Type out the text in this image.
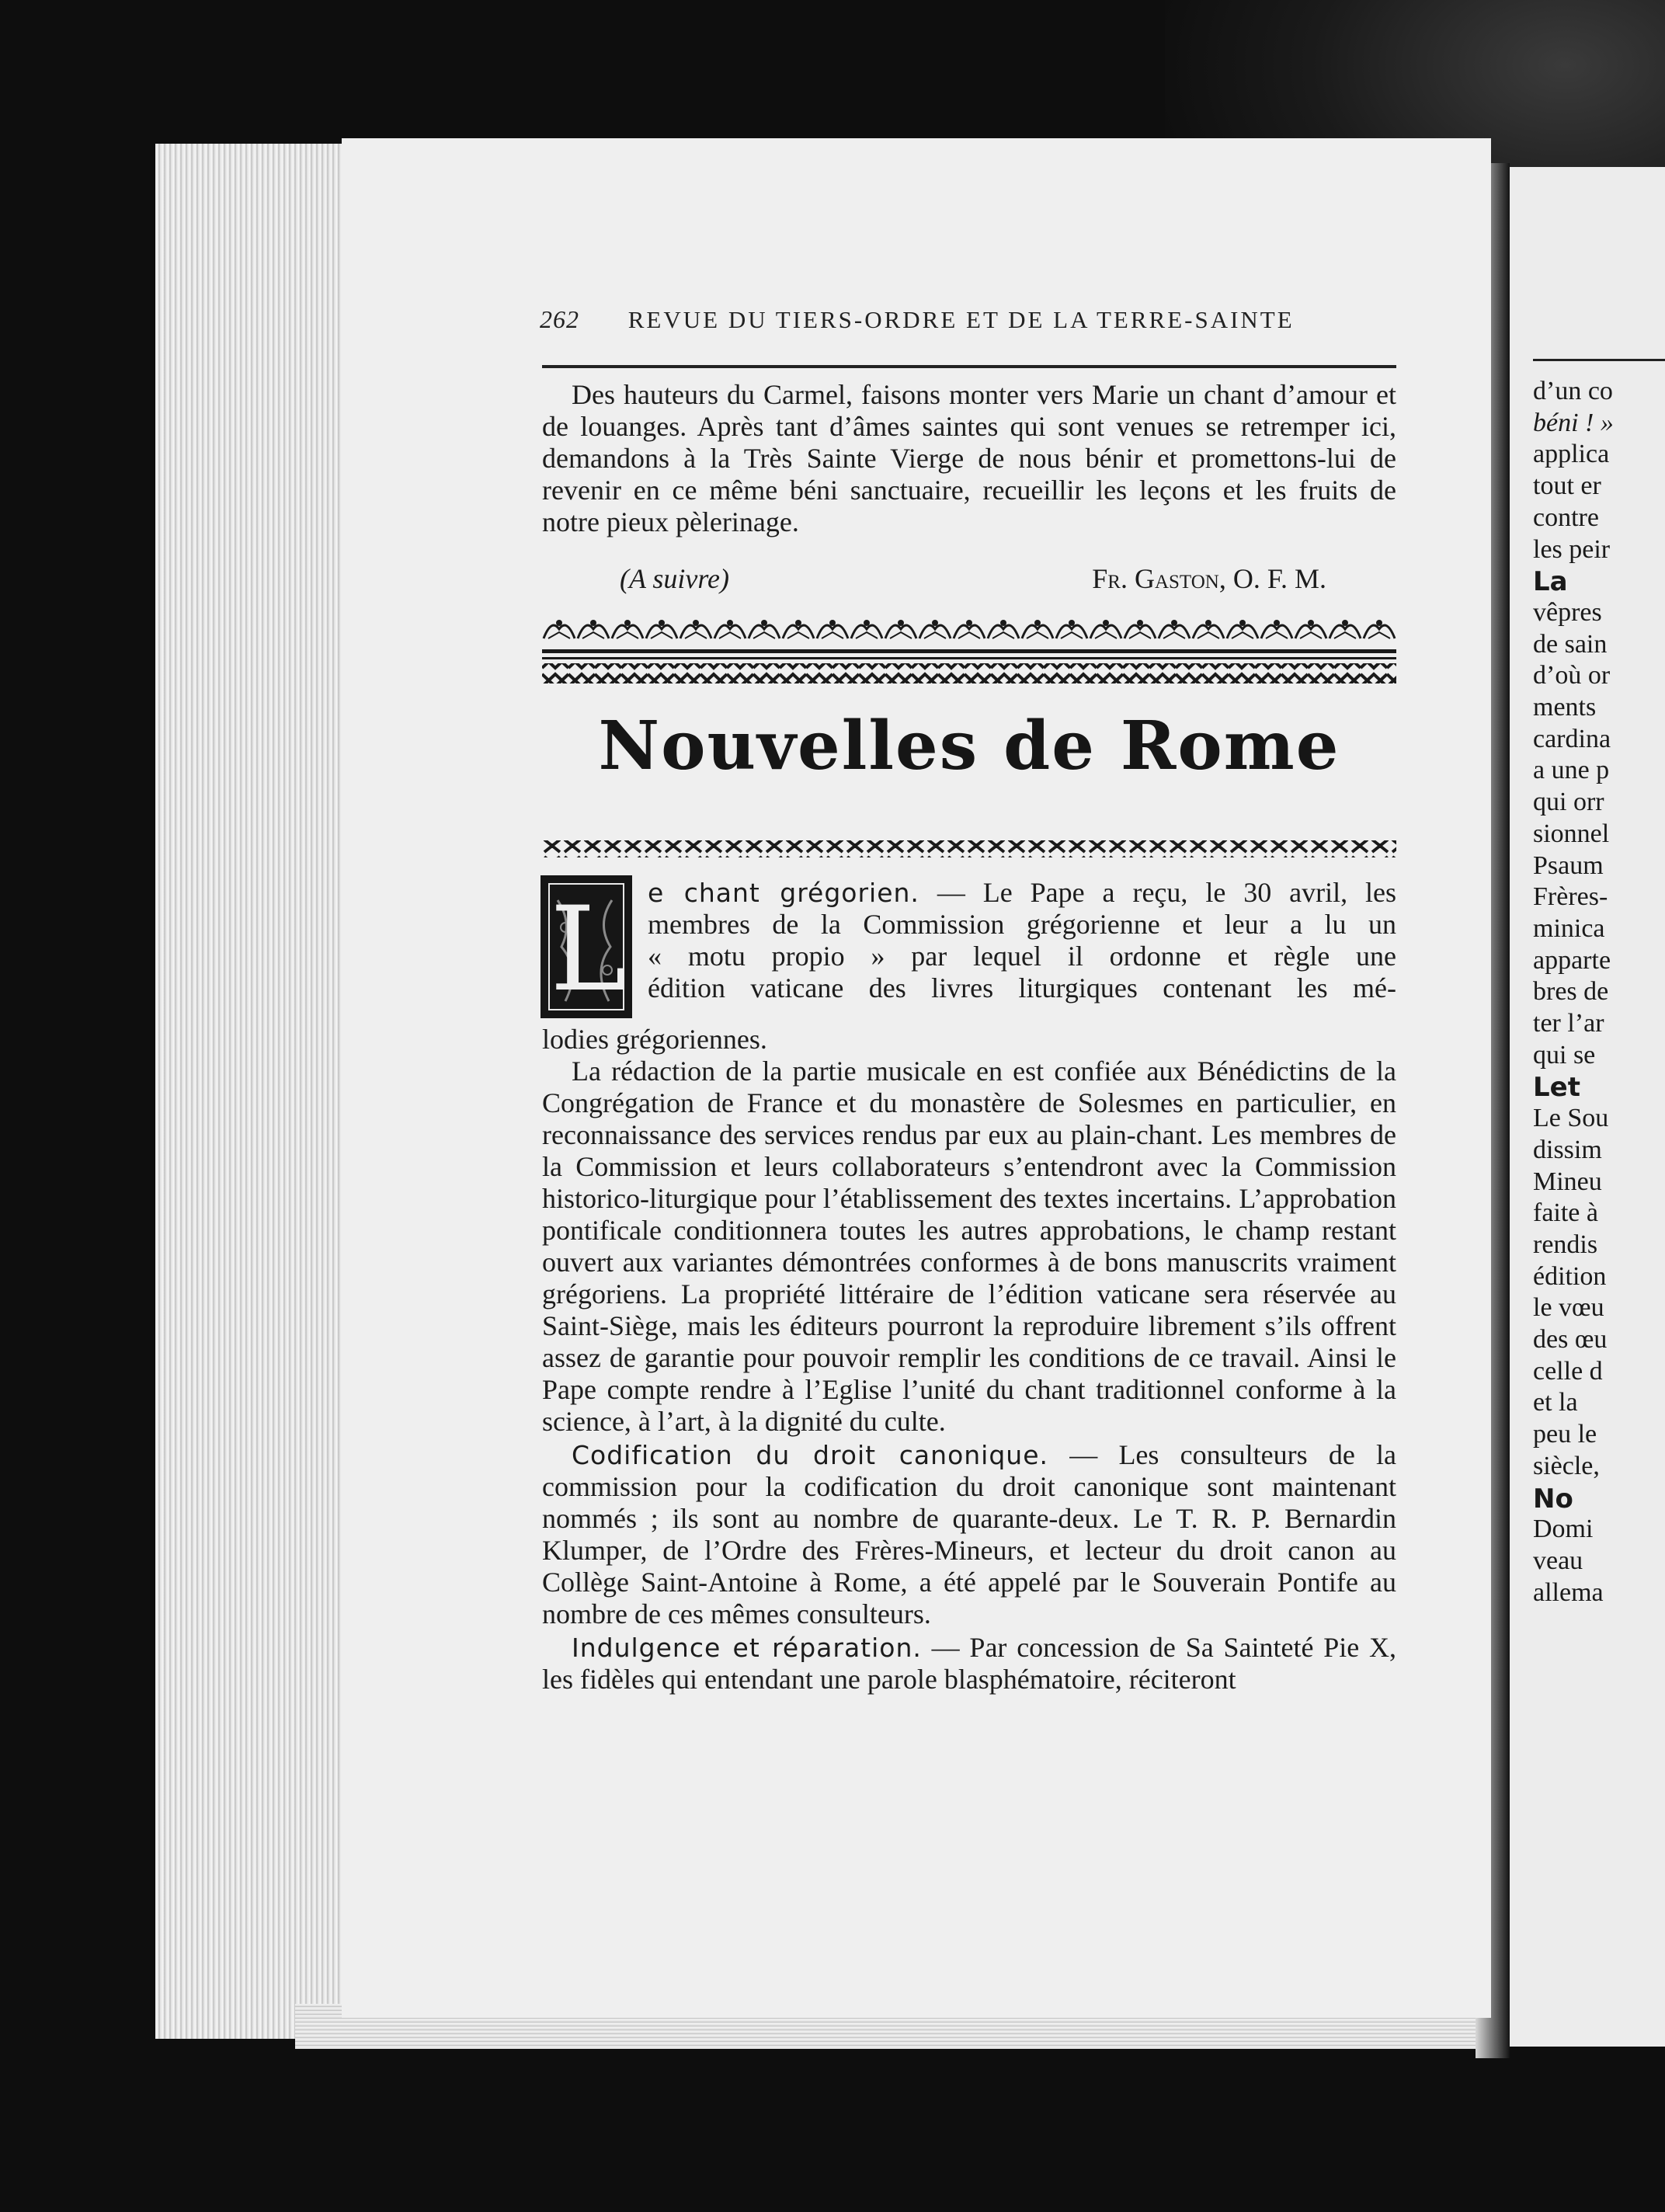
d’un co
béni ! »
applica
tout er
contre
les peir
La
vêpres
de sain
d’où or
ments
cardina
a une p
qui orr
sionnel
Psaum
Frères-
minica
apparte
bres de
ter l’ar
qui se
Let
Le Sou
dissim
Mineu
faite à
rendis
édition
le vœu
des œu
celle d
et la
peu le
siècle,
No
Domi
veau
allema
262 REVUE DU TIERS-ORDRE ET DE LA TERRE-SAINTE

Des hauteurs du Carmel, faisons monter vers Marie un chant d’amour et de louanges. Après tant d’âmes saintes qui sont venues se retremper ici, demandons à la Très Sainte Vierge de nous bénir et promettons-lui de revenir en ce même béni sanctuaire, recueillir les leçons et les fruits de notre pieux pèlerinage.

(A suivre)	Fr. Gaston, O. F. M.
Nouvelles de Rome
L e chant grégorien. — Le Pape a reçu, le 30 avril, les
membres de la Commission grégorienne et leur a lu un
« motu propio » par lequel il ordonne et règle une
édition vaticane des livres liturgiques contenant les mé-

lodies grégoriennes.

La rédaction de la partie musicale en est confiée aux Bénédictins de la Congrégation de France et du monastère de Solesmes en particulier, en reconnaissance des services rendus par eux au plain-chant. Les membres de la Commission et leurs collaborateurs s’entendront avec la Commission historico-liturgique pour l’établissement des textes incertains. L’approbation pontificale conditionnera toutes les autres approbations, le champ restant ouvert aux variantes démontrées conformes à de bons manuscrits vraiment grégoriens. La propriété littéraire de l’édition vaticane sera réservée au Saint-Siège, mais les éditeurs pourront la reproduire librement s’ils offrent assez de garantie pour pouvoir remplir les conditions de ce travail. Ainsi le Pape compte rendre à l’Eglise l’unité du chant traditionnel conforme à la science, à l’art, à la dignité du culte.

Codification du droit canonique. — Les consulteurs de la commission pour la codification du droit canonique sont maintenant nommés ; ils sont au nombre de quarante-deux. Le T. R. P. Bernardin Klumper, de l’Ordre des Frères-Mineurs, et lecteur du droit canon au Collège Saint-Antoine à Rome, a été appelé par le Souverain Pontife au nombre de ces mêmes consulteurs.

Indulgence et réparation. — Par concession de Sa Sainteté Pie X, les fidèles qui entendant une parole blasphématoire, réciteront
